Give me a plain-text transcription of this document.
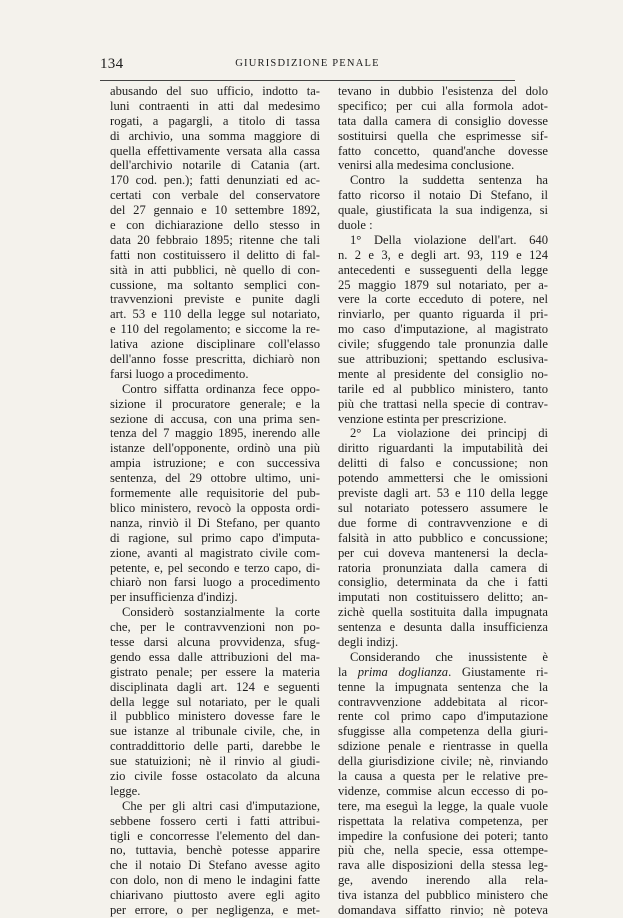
134	GIURISDIZIONE PENALE
abusando del suo ufficio, indotto ta-
luni contraenti in atti dal medesimo
rogati, a pagargli, a titolo di tassa
di archivio, una somma maggiore di
quella effettivamente versata alla cassa
dell'archivio notarile di Catania (art.
170 cod. pen.); fatti denunziati ed ac-
certati con verbale del conservatore
del 27 gennaio e 10 settembre 1892,
e con dichiarazione dello stesso in
data 20 febbraio 1895; ritenne che tali
fatti non costituissero il delitto di fal-
sità in atti pubblici, nè quello di con-
cussione, ma soltanto semplici con-
travvenzioni previste e punite dagli
art. 53 e 110 della legge sul notariato,
e 110 del regolamento; e siccome la re-
lativa azione disciplinare coll'elasso
dell'anno fosse prescritta, dichiarò non
farsi luogo a procedimento.
Contro siffatta ordinanza fece oppo-
sizione il procuratore generale; e la
sezione di accusa, con una prima sen-
tenza del 7 maggio 1895, inerendo alle
istanze dell'opponente, ordinò una più
ampia istruzione; e con successiva
sentenza, del 29 ottobre ultimo, uni-
formemente alle requisitorie del pub-
blico ministero, revocò la opposta ordi-
nanza, rinviò il Di Stefano, per quanto
di ragione, sul primo capo d'imputa-
zione, avanti al magistrato civile com-
petente, e, pel secondo e terzo capo, di-
chiarò non farsi luogo a procedimento
per insufficienza d'indizj.
Considerò sostanzialmente la corte
che, per le contravvenzioni non po-
tesse darsi alcuna provvidenza, sfug-
gendo essa dalle attribuzioni del ma-
gistrato penale; per essere la materia
disciplinata dagli art. 124 e seguenti
della legge sul notariato, per le quali
il pubblico ministero dovesse fare le
sue istanze al tribunale civile, che, in
contraddittorio delle parti, darebbe le
sue statuizioni; nè il rinvio al giudi-
zio civile fosse ostacolato da alcuna
legge.
Che per gli altri casi d'imputazione,
sebbene fossero certi i fatti attribui-
tigli e concorresse l'elemento del dan-
no, tuttavia, benchè potesse apparire
che il notaio Di Stefano avesse agito
con dolo, non di meno le indagini fatte
chiarivano piuttosto avere egli agito
per errore, o per negligenza, e met-
tevano in dubbio l'esistenza del dolo
specifico; per cui alla formola adot-
tata dalla camera di consiglio dovesse
sostituirsi quella che esprimesse sif-
fatto concetto, quand'anche dovesse
venirsi alla medesima conclusione.
Contro la suddetta sentenza ha
fatto ricorso il notaio Di Stefano, il
quale, giustificata la sua indigenza, si
duole :
1° Della violazione dell'art. 640
n. 2 e 3, e degli art. 93, 119 e 124
antecedenti e susseguenti della legge
25 maggio 1879 sul notariato, per a-
vere la corte ecceduto di potere, nel
rinviarlo, per quanto riguarda il pri-
mo caso d'imputazione, al magistrato
civile; sfuggendo tale pronunzia dalle
sue attribuzioni; spettando esclusiva-
mente al presidente del consiglio no-
tarile ed al pubblico ministero, tanto
più che trattasi nella specie di contrav-
venzione estinta per prescrizione.
2° La violazione dei principj di
diritto riguardanti la imputabilità dei
delitti di falso e concussione; non
potendo ammettersi che le omissioni
previste dagli art. 53 e 110 della legge
sul notariato potessero assumere le
due forme di contravvenzione e di
falsità in atto pubblico e concussione;
per cui doveva mantenersi la decla-
ratoria pronunziata dalla camera di
consiglio, determinata da che i fatti
imputati non costituissero delitto; an-
zichè quella sostituita dalla impugnata
sentenza e desunta dalla insufficienza
degli indizj.
Considerando che inussistente è
la prima doglianza. Giustamente ri-
tenne la impugnata sentenza che la
contravvenzione addebitata al ricor-
rente col primo capo d'imputazione
sfuggisse alla competenza della giuri-
sdizione penale e rientrasse in quella
della giurisdizione civile; nè, rinviando
la causa a questa per le relative pre-
videnze, commise alcun eccesso di po-
tere, ma eseguì la legge, la quale vuole
rispettata la relativa competenza, per
impedire la confusione dei poteri; tanto
più che, nella specie, essa ottempe-
rava alle disposizioni della stessa leg-
ge, avendo inerendo alla rela-
tiva istanza del pubblico ministero che
domandava siffatto rinvio; nè poteva
